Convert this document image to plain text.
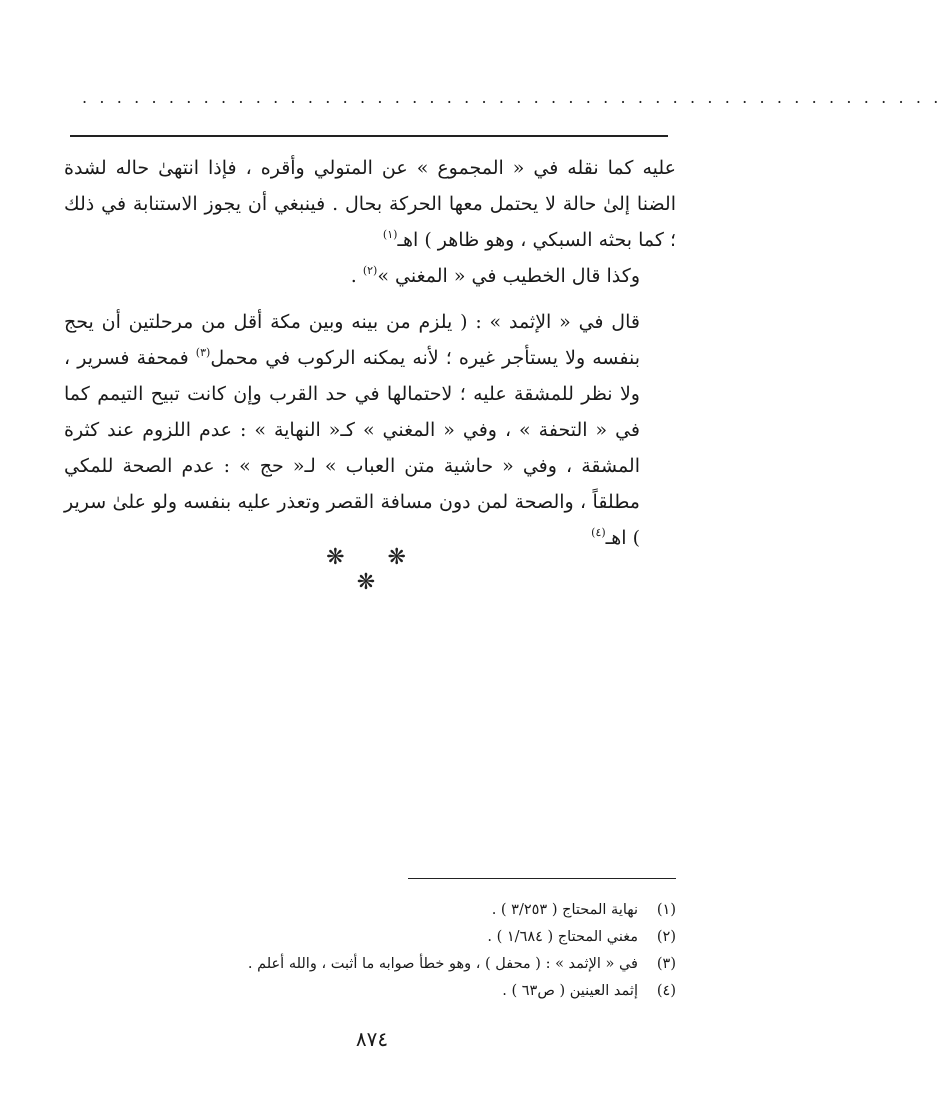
. . . . . . . . . . . . . . . . . . . . . . . . . . . . . . . . . . . . . . . . . . . . . . . . . .

عليه كما نقله في « المجموع » عن المتولي وأقره ، فإذا انتهىٰ حاله لشدة الضنا إلىٰ حالة لا يحتمل معها الحركة بحال . فينبغي أن يجوز الاستنابة في ذلك ؛ كما بحثه السبكي ، وهو ظاهر ) اهـ$^{(١)}$

وكذا قال الخطيب في « المغني »$^{(٢)}$ .

قال في « الإثمد » : ( يلزم من بينه وبين مكة أقل من مرحلتين أن يحج بنفسه ولا يستأجر غيره ؛ لأنه يمكنه الركوب في محمل$^{(٣)}$ فمحفة فسرير ، ولا نظر للمشقة عليه ؛ لاحتمالها في حد القرب وإن كانت تبيح التيمم كما في « التحفة » ، وفي « المغني » كـ« النهاية » : عدم اللزوم عند كثرة المشقة ، وفي « حاشية متن العباب » لـ« حج » : عدم الصحة للمكي مطلقاً ، والصحة لمن دون مسافة القصر وتعذر عليه بنفسه ولو علىٰ سرير ) اهـ$^{(٤)}$

❋ ❋ ❋
(١)
نهاية المحتاج ( ٣/٢٥٣ ) .
(٢)
مغني المحتاج ( ١/٦٨٤ ) .
(٣)
في « الإثمد » : ( محفل ) ، وهو خطأ صوابه ما أثبت ، والله أعلم .
(٤)
إثمد العينين ( ص٦٣ ) .
٨٧٤
